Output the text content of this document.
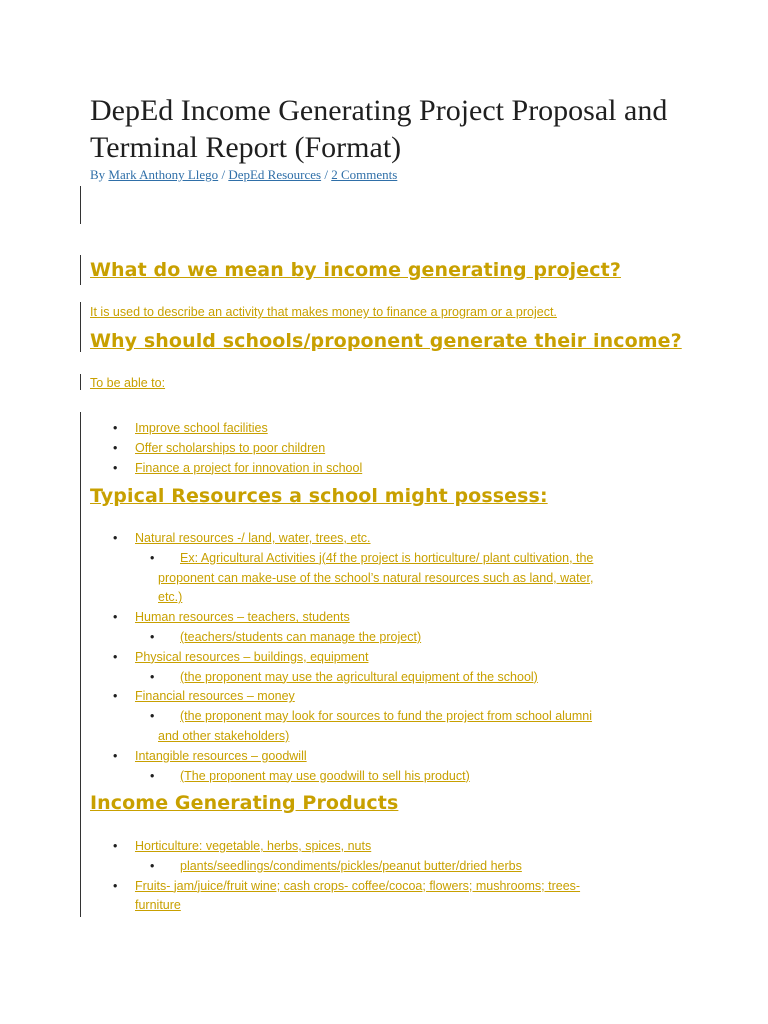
DepEd Income Generating Project Proposal and Terminal Report (Format)
By Mark Anthony Llego / DepEd Resources / 2 Comments
What do we mean by income generating project?

It is used to describe an activity that makes money to finance a program or a project.

Why should schools/proponent generate their income?

To be able to:

• Improve school facilities
• Offer scholarships to poor children
• Finance a project for innovation in school
Typical Resources a school might possess:
• Natural resources -/ land, water, trees, etc.
• Ex: Agricultural Activities j(4f the project is horticulture/ plant cultivation, the
proponent can make-use of the school’s natural resources such as land, water,
etc.)
• Human resources – teachers, students
• (teachers/students can manage the project)
• Physical resources – buildings, equipment
• (the proponent may use the agricultural equipment of the school)
• Financial resources – money
• (the proponent may look for sources to fund the project from school alumni
and other stakeholders)
• Intangible resources – goodwill
• (The proponent may use goodwill to sell his product)
Income Generating Products
• Horticulture: vegetable, herbs, spices, nuts
• plants/seedlings/condiments/pickles/peanut butter/dried herbs
• Fruits- jam/juice/fruit wine; cash crops- coffee/cocoa; flowers; mushrooms; trees-
furniture
